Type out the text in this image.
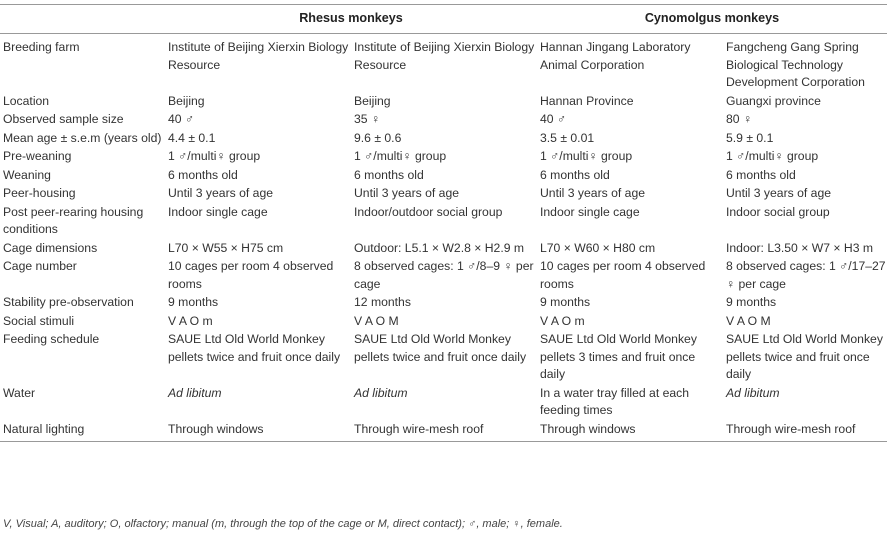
	Rhesus monkeys		Cynomolgus monkeys	
Breeding farm	Institute of Beijing Xierxin Biology Resource	Institute of Beijing Xierxin Biology Resource	Hannan Jingang Laboratory Animal Corporation	Fangcheng Gang Spring Biological Technology Development Corporation
Location	Beijing	Beijing	Hannan Province	Guangxi province
Observed sample size	40 ♂	35 ♀	40 ♂	80 ♀
Mean age ± s.e.m (years old)	4.4 ± 0.1	9.6 ± 0.6	3.5 ± 0.01	5.9 ± 0.1
Pre-weaning	1 ♂/multi♀ group	1 ♂/multi♀ group	1 ♂/multi♀ group	1 ♂/multi♀ group
Weaning	6 months old	6 months old	6 months old	6 months old
Peer-housing	Until 3 years of age	Until 3 years of age	Until 3 years of age	Until 3 years of age
Post peer-rearing housing conditions	Indoor single cage	Indoor/outdoor social group	Indoor single cage	Indoor social group
Cage dimensions	L70 × W55 × H75 cm	Outdoor: L5.1 × W2.8 × H2.9 m	L70 × W60 × H80 cm	Indoor: L3.50 × W7 × H3 m
Cage number	10 cages per room 4 observed rooms	8 observed cages: 1 ♂/8–9 ♀ per cage	10 cages per room 4 observed rooms	8 observed cages: 1 ♂/17–27 ♀ per cage
Stability pre-observation	9 months	12 months	9 months	9 months
Social stimuli	V A O m	V A O M	V A O m	V A O M
Feeding schedule	SAUE Ltd Old World Monkey pellets twice and fruit once daily	SAUE Ltd Old World Monkey pellets twice and fruit once daily	SAUE Ltd Old World Monkey pellets 3 times and fruit once daily	SAUE Ltd Old World Monkey pellets twice and fruit once daily
Water	Ad libitum	Ad libitum	In a water tray filled at each feeding times	Ad libitum
Natural lighting	Through windows	Through wire-mesh roof	Through windows	Through wire-mesh roof
V, Visual; A, auditory; O, olfactory; manual (m, through the top of the cage or M, direct contact); ♂, male; ♀, female.
